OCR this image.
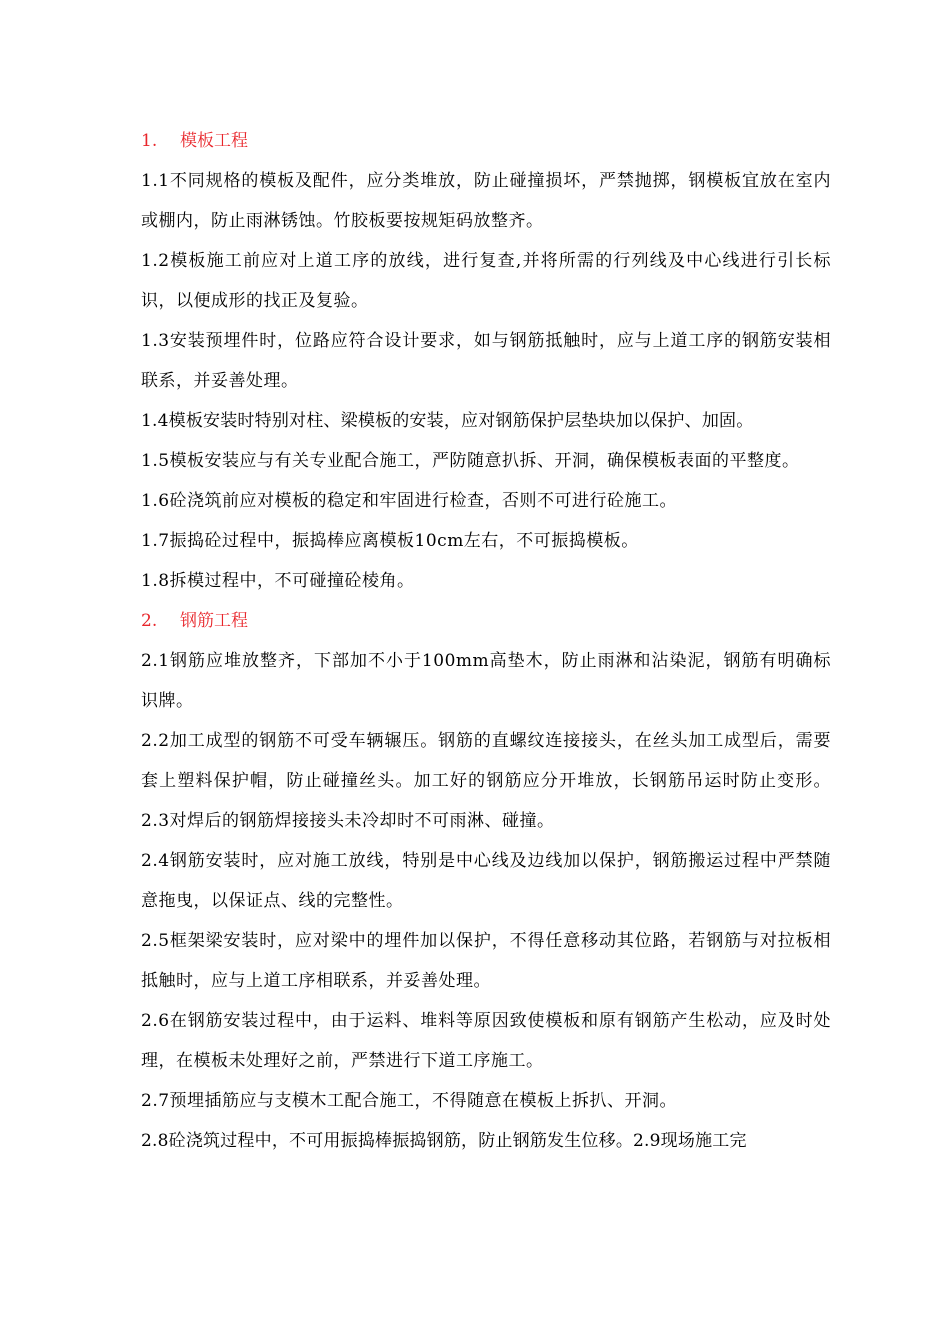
1. 模板工程

1.1不同规格的模板及配件，应分类堆放，防止碰撞损坏，严禁抛掷，钢模板宜放在室内或棚内，防止雨淋锈蚀。竹胶板要按规矩码放整齐。

1.2模板施工前应对上道工序的放线，进行复查,并将所需的行列线及中心线进行引长标识，以便成形的找正及复验。

1.3安装预埋件时，位路应符合设计要求，如与钢筋抵触时，应与上道工序的钢筋安装相联系，并妥善处理。

1.4模板安装时特别对柱、梁模板的安装，应对钢筋保护层垫块加以保护、加固。

1.5模板安装应与有关专业配合施工，严防随意扒拆、开洞，确保模板表面的平整度。

1.6砼浇筑前应对模板的稳定和牢固进行检查，否则不可进行砼施工。

1.7振捣砼过程中，振捣棒应离模板10cm左右，不可振捣模板。

1.8拆模过程中，不可碰撞砼棱角。

2. 钢筋工程

2.1钢筋应堆放整齐，下部加不小于100mm高垫木，防止雨淋和沾染泥，钢筋有明确标识牌。

2.2加工成型的钢筋不可受车辆辗压。钢筋的直螺纹连接接头，在丝头加工成型后，需要套上塑料保护帽，防止碰撞丝头。加工好的钢筋应分开堆放，长钢筋吊运时防止变形。2.3对焊后的钢筋焊接接头未冷却时不可雨淋、碰撞。

2.4钢筋安装时，应对施工放线，特别是中心线及边线加以保护，钢筋搬运过程中严禁随意拖曳，以保证点、线的完整性。

2.5框架梁安装时，应对梁中的埋件加以保护，不得任意移动其位路，若钢筋与对拉板相抵触时，应与上道工序相联系，并妥善处理。

2.6在钢筋安装过程中，由于运料、堆料等原因致使模板和原有钢筋产生松动，应及时处理，在模板未处理好之前，严禁进行下道工序施工。

2.7预埋插筋应与支模木工配合施工，不得随意在模板上拆扒、开洞。

2.8砼浇筑过程中，不可用振捣棒振捣钢筋，防止钢筋发生位移。2.9现场施工完
